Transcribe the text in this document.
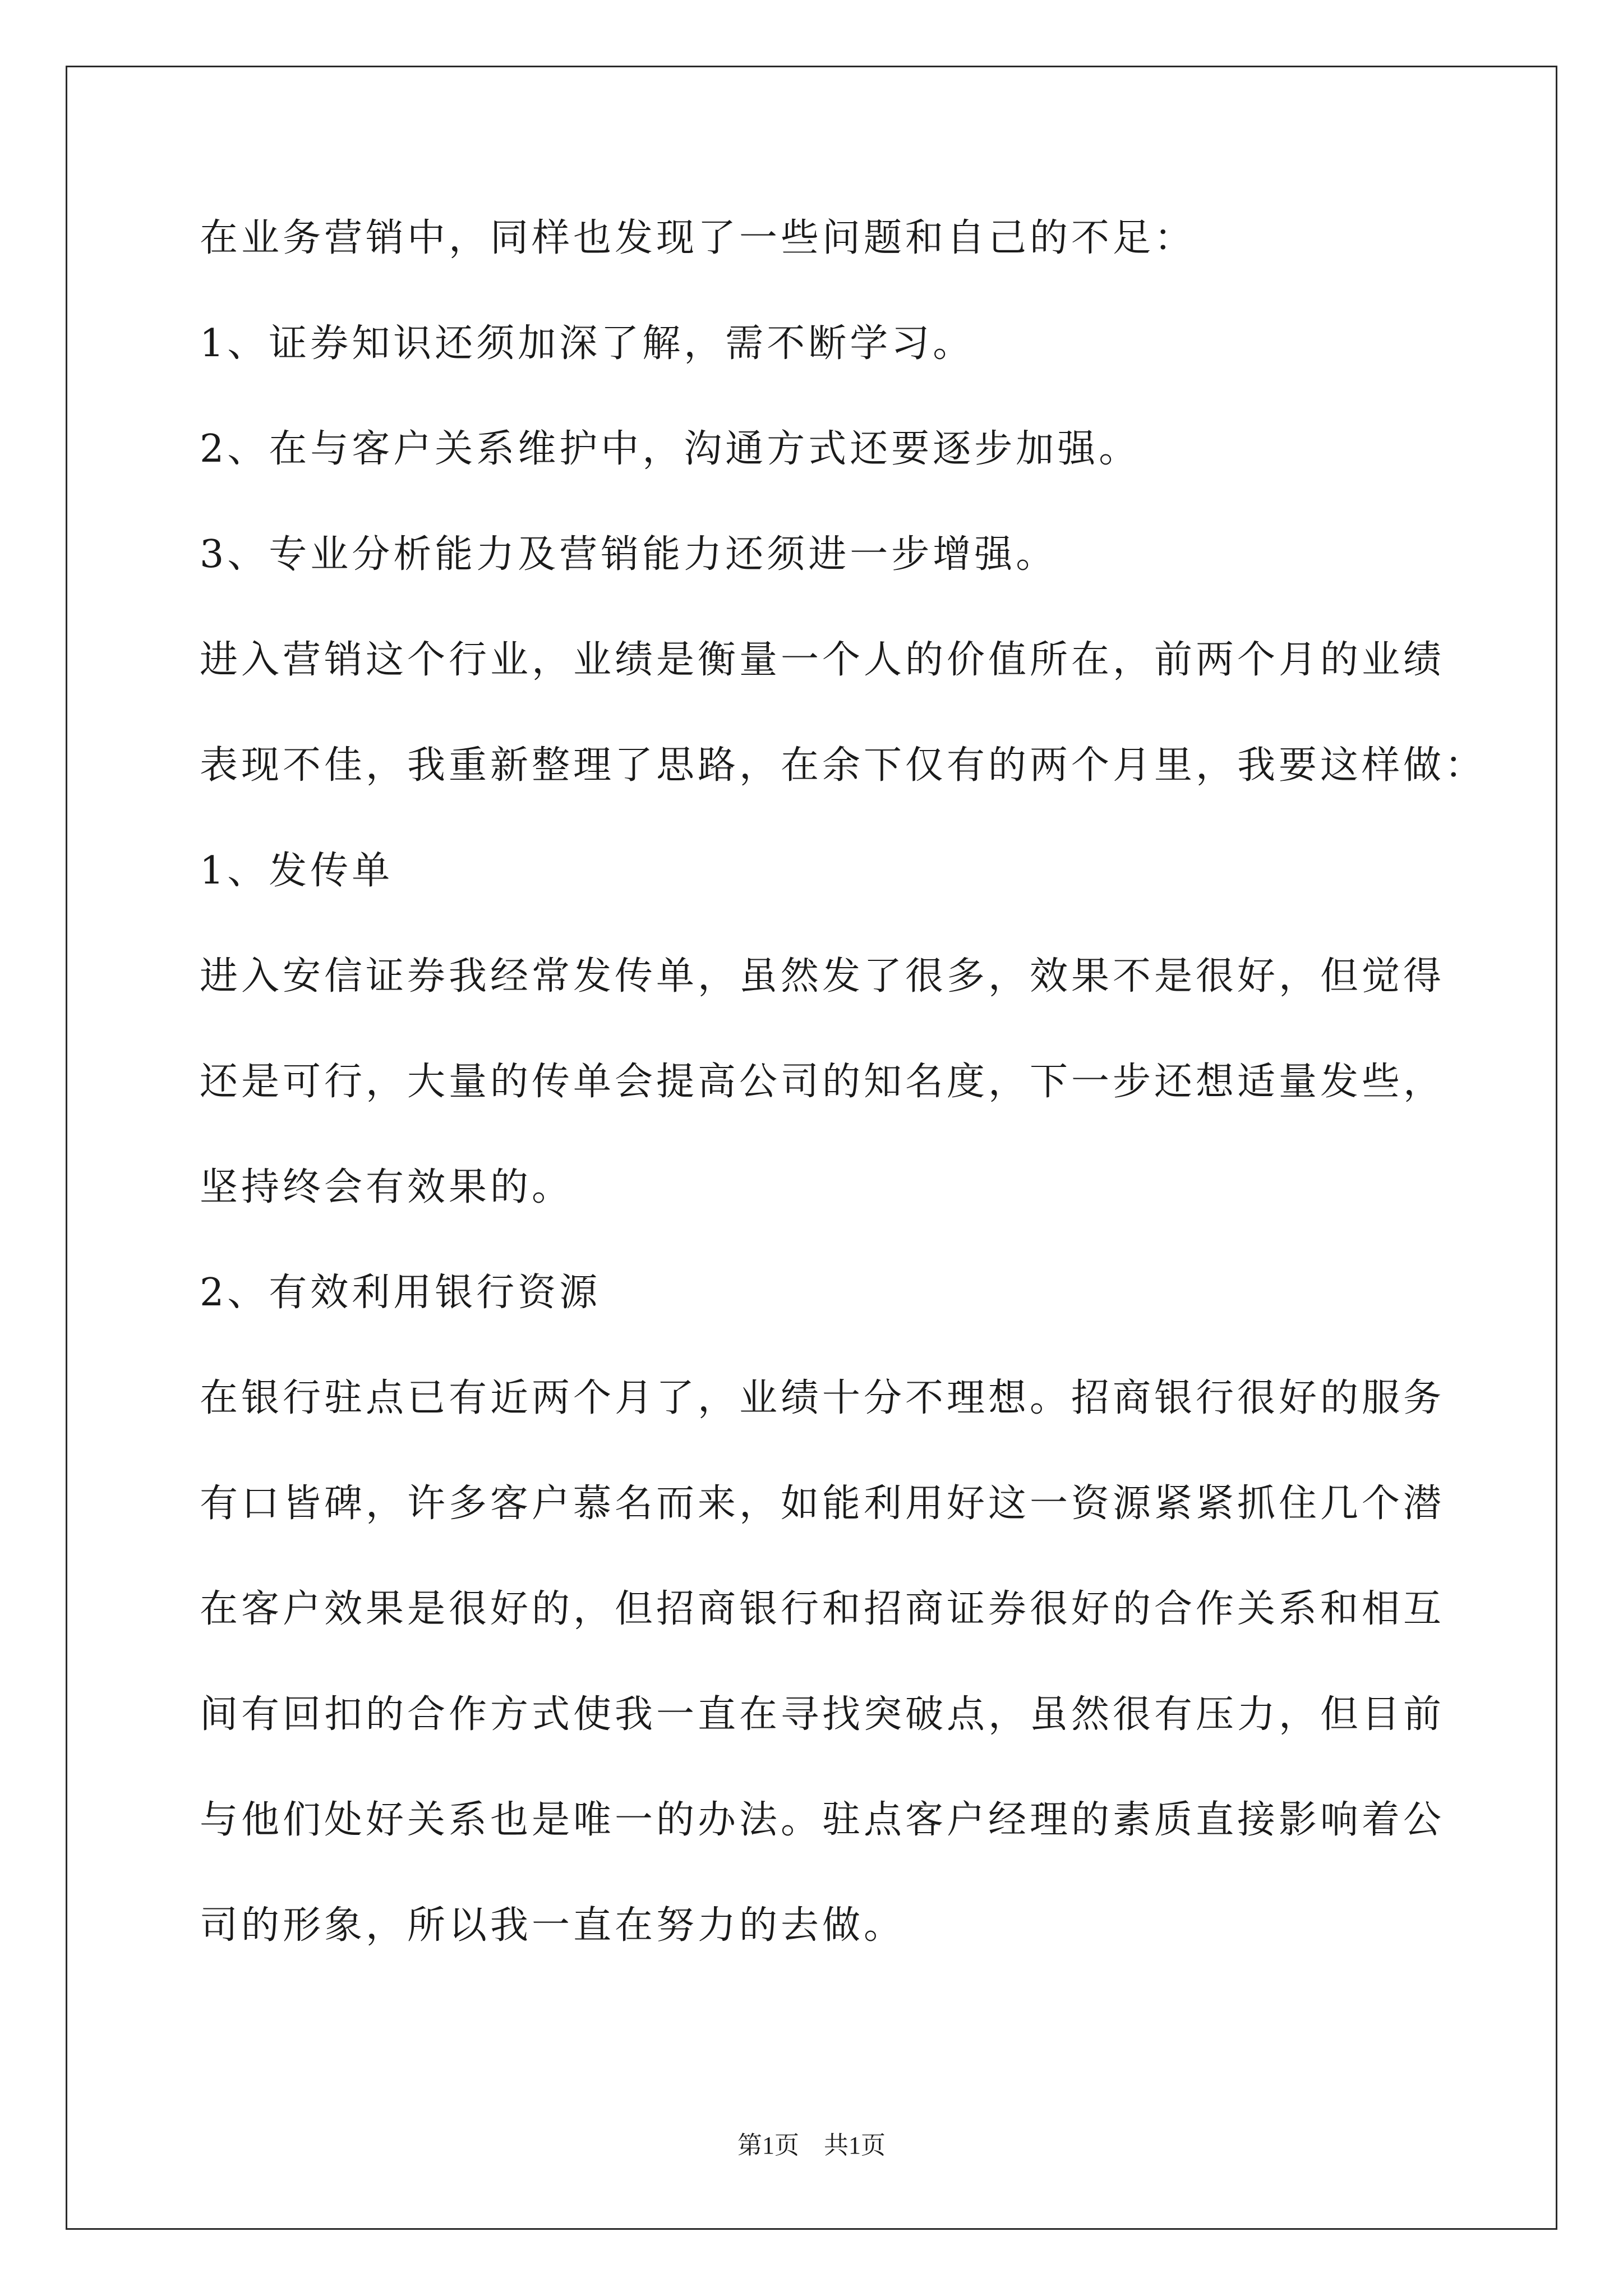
在业务营销中，同样也发现了一些问题和自己的不足：

1、证券知识还须加深了解，需不断学习。

2、在与客户关系维护中，沟通方式还要逐步加强。

3、专业分析能力及营销能力还须进一步增强。

进入营销这个行业，业绩是衡量一个人的价值所在，前两个月的业绩

表现不佳，我重新整理了思路，在余下仅有的两个月里，我要这样做：

1、发传单

进入安信证券我经常发传单，虽然发了很多，效果不是很好，但觉得

还是可行，大量的传单会提高公司的知名度，下一步还想适量发些，

坚持终会有效果的。

2、有效利用银行资源

在银行驻点已有近两个月了，业绩十分不理想。招商银行很好的服务

有口皆碑，许多客户慕名而来，如能利用好这一资源紧紧抓住几个潜

在客户效果是很好的，但招商银行和招商证券很好的合作关系和相互

间有回扣的合作方式使我一直在寻找突破点，虽然很有压力，但目前

与他们处好关系也是唯一的办法。驻点客户经理的素质直接影响着公

司的形象，所以我一直在努力的去做。

第1页 共1页
